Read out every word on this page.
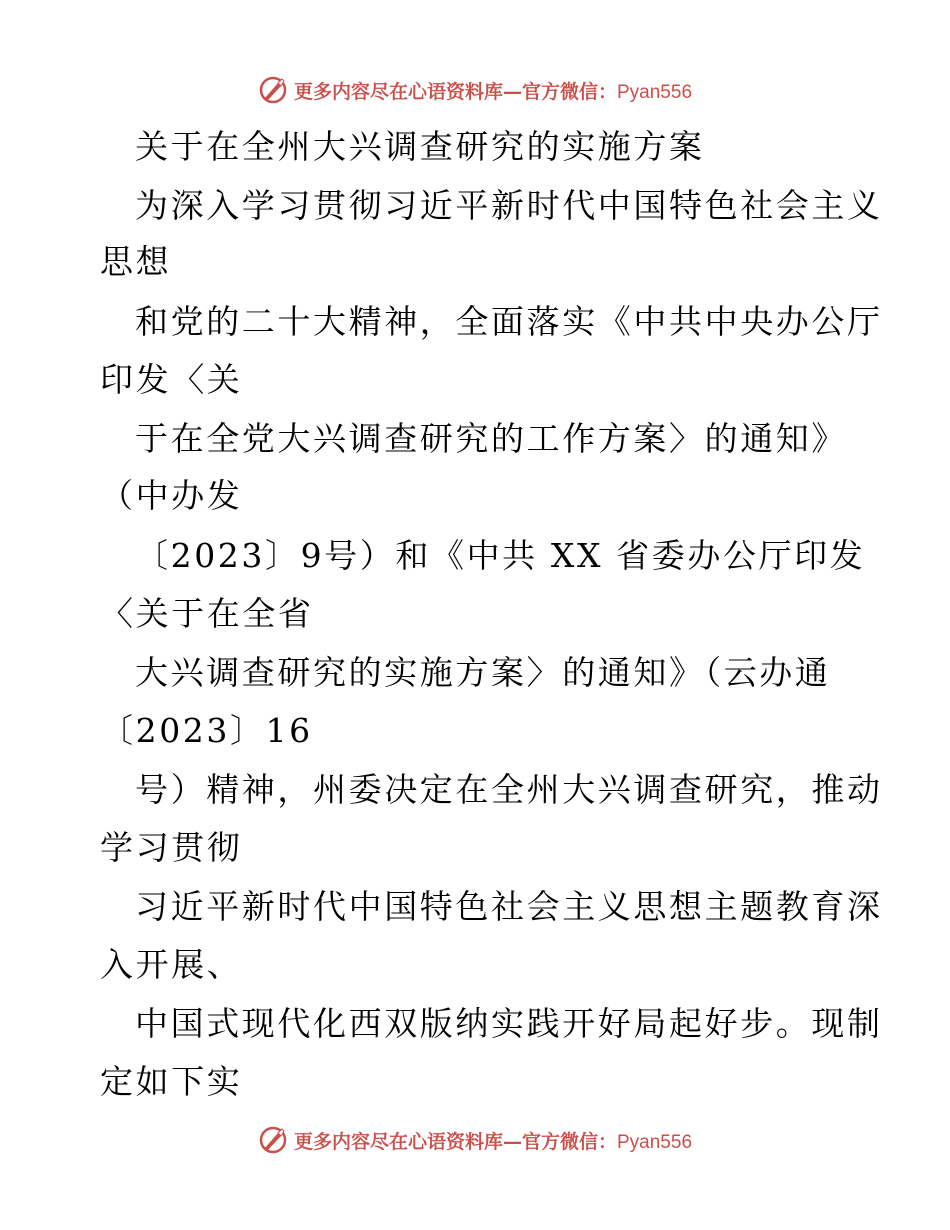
更多内容尽在心语资料库—官方微信：Pyan556
关于在全州大兴调查研究的实施方案
为深入学习贯彻习近平新时代中国特色社会主义
思想
和党的二十大精神，全面落实《中共中央办公厅
印发〈关
于在全党大兴调查研究的工作方案〉的通知》
（中办发
〔2023〕9号）和《中共 XX 省委办公厅印发
〈关于在全省
大兴调查研究的实施方案〉的通知》（云办通
〔2023〕16
号）精神，州委决定在全州大兴调查研究，推动
学习贯彻
习近平新时代中国特色社会主义思想主题教育深
入开展、
中国式现代化西双版纳实践开好局起好步。现制
定如下实
更多内容尽在心语资料库—官方微信：Pyan556
